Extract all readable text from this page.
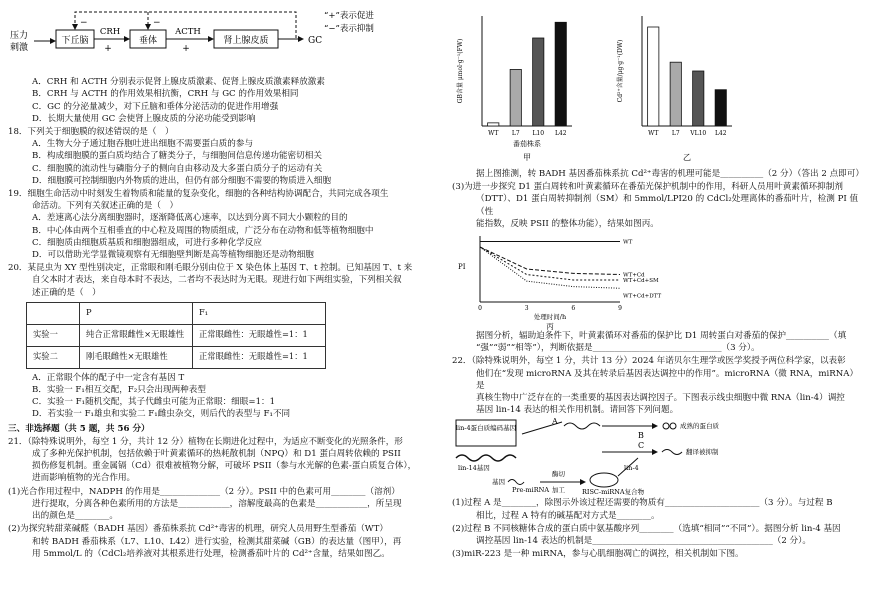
压力
刺激
下丘脑
CRH
+
垂体
ACTH
+
肾上腺皮质	GC
−	−
“+”表示促进
“−”表示抑制

A．CRH 和 ACTH 分别表示促肾上腺皮质激素、促肾上腺皮质激素释放激素

B．CRH 与 ACTH 的作用效果相抗衡，CRH 与 GC 的作用效果相同

C．GC 的分泌量减少，对下丘脑和垂体分泌活动的促进作用增强

D．长期大量使用 GC 会使肾上腺皮质的分泌功能受到影响

18．下列关于细胞膜的叙述错误的是（　）

A．生物大分子通过胞吞胞吐进出细胞不需要蛋白质的参与

B．构成细胞膜的蛋白质均结合了糖类分子，与细胞间信息传递功能密切相关

C．细胞膜的流动性与磷脂分子的侧向自由移动及大多蛋白质分子的运动有关

D．细胞膜可控制细胞内外物质的进出，但仍有部分细胞不需要的物质进入细胞

19．细胞生命活动中时刻发生着物质和能量的复杂变化，细胞的各种结构协调配合，共同完成各项生

命活动。下列有关叙述正确的是（　）

A．差速离心法分离细胞器时，逐渐降低离心速率，以达到分离不同大小颗粒的目的

B．中心体由两个互相垂直的中心粒及周围的物质组成，广泛分布在动物和低等植物细胞中

C．细胞质由细胞质基质和细胞器组成，可进行多种化学反应

D．可以借助光学显微镜观察有无细胞壁判断是高等植物细胞还是动物细胞

20．某昆虫为 XY 型性别决定，正常眼和刚毛眼分别由位于 X 染色体上基因 T、t 控制。已知基因 T、t 来

自父本时才表达，来自母本时不表达，二者均不表达时为无眼。现进行如下两组实验，下列相关叙

述正确的是（　）

	P	F₁
实验一	纯合正常眼雌性×无眼雄性	正常眼雌性：无眼雄性=1：1
实验二	刚毛眼雌性×无眼雄性	正常眼雌性：无眼雄性=1：1

A．正常眼个体的配子中一定含有基因 T

B．实验一 F₁相互交配，F₂只会出现两种表型

C．实验一 F₁随机交配，其子代雌虫可能为正常眼：细眼=1：1

D．若实验一 F₁雄虫和实验二 F₁雌虫杂交，则后代的表型与 F₁不同

三、非选择题（共 5 题，共 56 分）

21．（除特殊说明外，每空 1 分，共计 12 分）植物在长期进化过程中，为适应不断变化的光照条件，形

成了多种光保护机制，包括依赖于叶黄素循环的热耗散机制（NPQ）和 D1 蛋白周转依赖的 PSII

损伤修复机制。重金属镉（Cd）很难被植物分解，可破坏 PSII（参与水光解的色素-蛋白质复合体），

进而影响植物的光合作用。

(1)光合作用过程中，NADPH 的作用是______________（2 分）。PSII 中的色素可用________（溶剂）

进行提取，分离各种色素所用的方法是____________，溶解度最高的色素是____________，所呈现

出的颜色是________。

(2)为探究转甜菜碱醛（BADH 基因）番茄株系抗 Cd²⁺毒害的机理，研究人员用野生型番茄（WT）

和转 BADH 番茄株系（L7、L10、L42）进行实验，检测其甜菜碱（GB）的表达量（图甲），再

用 5mmol/L 的（CdCl₂培养液对其根系进行处理，检测番茄叶片的 Cd²⁺含量，结果如图乙。

WT L7 L10 L42
GB含量 μmol·g⁻¹(FW)
番茄株系
甲
WT L7 VL10 L42
Cd²⁺含量/μg·g⁻¹(DW)
乙

据上图推测，转 BADH 基因番茄株系抗 Cd²⁺毒害的机理可能是__________（2 分）（答出 2 点即可）

(3)为进一步探究 D1 蛋白周转和叶黄素循环在番茄光保护机制中的作用，科研人员用叶黄素循环抑制剂

（DTT）、D1 蛋白周转抑制剂（SM）和 5mmol/LPI20 的 CdCl₂处理离体的番茄叶片，检测 PI 值（性

能指数，反映 PSII 的整体功能），结果如图丙。

PI
WT
WT+Cd
WT+Cd+SM
WT+Cd+DTT
0	3	6	9
处理时间/h
丙

据图分析，辐助迫条件下，叶黄素循环对番茄的保护比 D1 周转蛋白对番茄的保护__________（填

“强”“弱”“相等”），判断依据是______________________________（3 分）。

22．（除特殊说明外，每空 1 分，共计 13 分）2024 年诺贝尔生理学或医学奖授予两位科学家，以表彰

他们在“发现 microRNA 及其在转录后基因表达调控中的作用”。microRNA（微 RNA，miRNA）是

真核生物中广泛存在的一类重要的基因表达调控因子。下图表示线虫细胞中微 RNA（lin-4）调控

基因 lin-14 表达的相关作用机制。请回答下列问题。

lin-4蛋白质编码基因
lin-14基因
A
B
成熟的蛋白质
C
翻译被抑制
基因
Pre-miRNA
酶切
加工
lin-4
RISC-miRNA复合物

(1)过程 A 是________，除图示外该过程还需要的物质有______________________（3 分）。与过程 B

相比，过程 A 特有的碱基配对方式是________。

(2)过程 B 不同核糖体合成的蛋白质中氨基酸序列________（选填“相同”“不同”）。据图分析 lin-4 基因

调控基因 lin-14 表达的机制是__________________________________________（2 分）。

(3)miR-223 是一种 miRNA，参与心肌细胞凋亡的调控，相关机制如下图。
